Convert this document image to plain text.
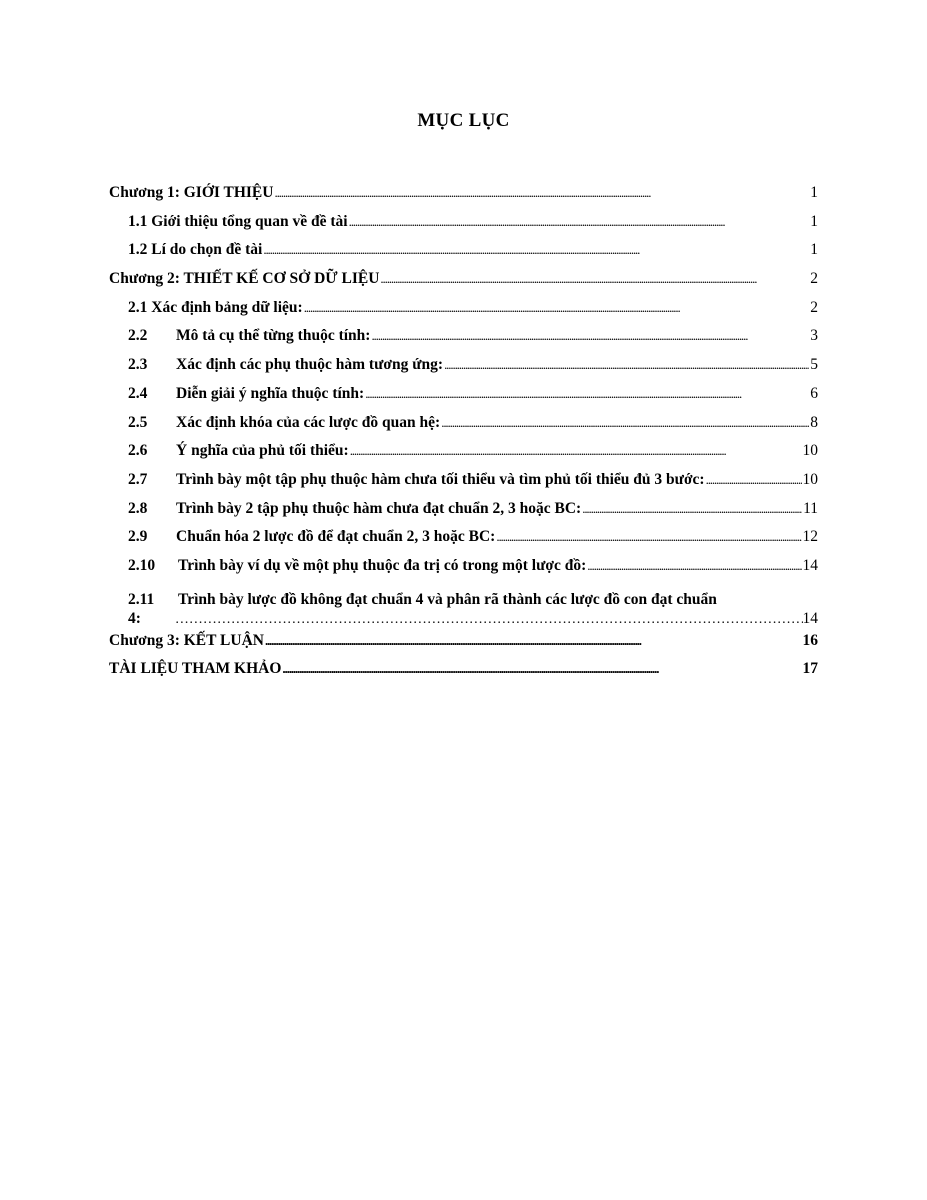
MỤC LỤC
Chương 1: GIỚI THIỆU . . .	1
1.1 Giới thiệu tổng quan về đề tài . . .	1
1.2 Lí do chọn đề tài . . .	1
Chương 2: THIẾT KẾ CƠ SỞ DỮ LIỆU . . .	2
2.1 Xác định bảng dữ liệu: . . .	2
2.2	Mô tả cụ thể từng thuộc tính: . . .	3
2.3	Xác định các phụ thuộc hàm tương ứng: . . .	5
2.4	Diễn giải ý nghĩa thuộc tính: . . .	6
2.5	Xác định khóa của các lược đồ quan hệ: . . .	8
2.6	Ý nghĩa của phủ tối thiểu: . . .	10
2.7	Trình bày một tập phụ thuộc hàm chưa tối thiểu và tìm phủ tối thiểu đủ 3 bước: . . .	10
2.8	Trình bày 2 tập phụ thuộc hàm chưa đạt chuẩn 2, 3 hoặc BC: . . .	11
2.9	Chuẩn hóa 2 lược đồ để đạt chuẩn 2, 3 hoặc BC: . . .	12
2.10	Trình bày ví dụ về một phụ thuộc đa trị có trong một lược đồ: . . .	14
2.11	Trình bày lược đồ không đạt chuẩn 4 và phân rã thành các lược đồ con đạt chuẩn
4: ……………………………………………………………………………………………………………………………………	14
Chương 3: KẾT LUẬN . . .	16
TÀI LIỆU THAM KHẢO . . .	17
